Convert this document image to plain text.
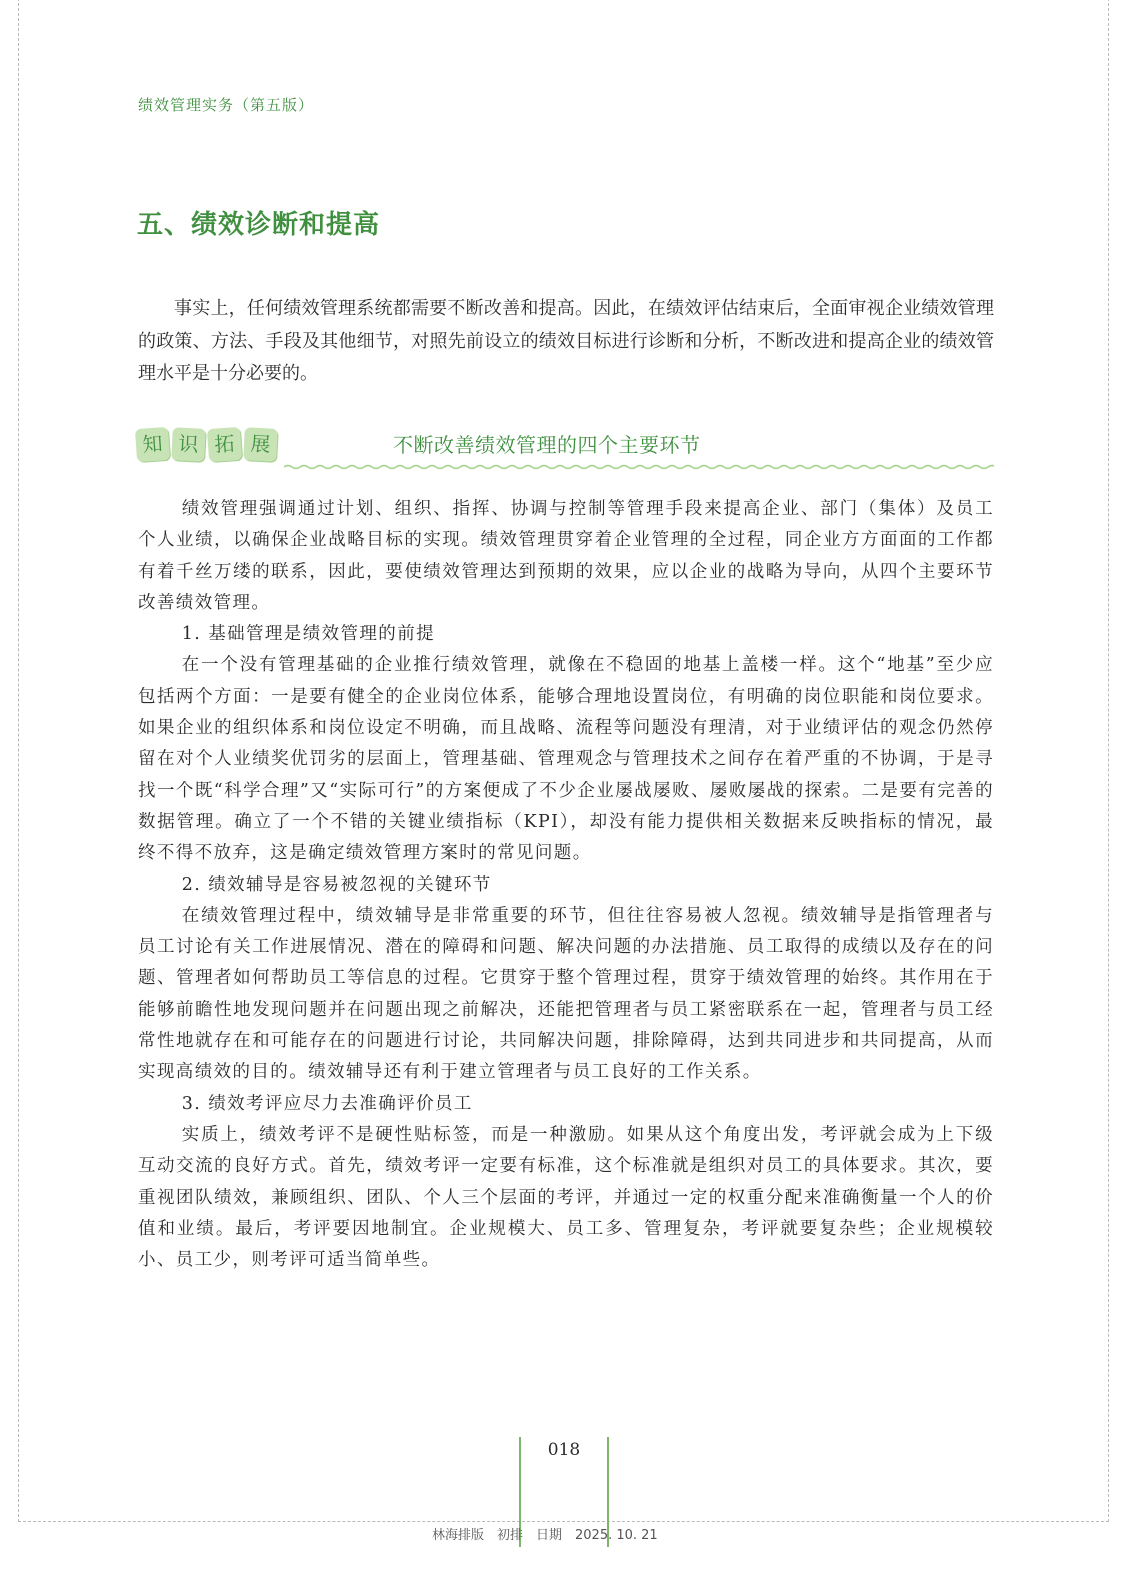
绩效管理实务（第五版）
五、绩效诊断和提高

事实上，任何绩效管理系统都需要不断改善和提高。因此，在绩效评估结束后，全面审视企业绩效管理的政策、方法、手段及其他细节，对照先前设立的绩效目标进行诊断和分析，不断改进和提高企业的绩效管理水平是十分必要的。

知 识 拓 展	不断改善绩效管理的四个主要环节

绩效管理强调通过计划、组织、指挥、协调与控制等管理手段来提高企业、部门（集体）及员工个人业绩，以确保企业战略目标的实现。绩效管理贯穿着企业管理的全过程，同企业方方面面的工作都有着千丝万缕的联系，因此，要使绩效管理达到预期的效果，应以企业的战略为导向，从四个主要环节改善绩效管理。

1. 基础管理是绩效管理的前提

在一个没有管理基础的企业推行绩效管理，就像在不稳固的地基上盖楼一样。这个“地基”至少应包括两个方面：一是要有健全的企业岗位体系，能够合理地设置岗位，有明确的岗位职能和岗位要求。如果企业的组织体系和岗位设定不明确，而且战略、流程等问题没有理清，对于业绩评估的观念仍然停留在对个人业绩奖优罚劣的层面上，管理基础、管理观念与管理技术之间存在着严重的不协调，于是寻找一个既“科学合理”又“实际可行”的方案便成了不少企业屡战屡败、屡败屡战的探索。二是要有完善的数据管理。确立了一个不错的关键业绩指标（KPI），却没有能力提供相关数据来反映指标的情况，最终不得不放弃，这是确定绩效管理方案时的常见问题。

2. 绩效辅导是容易被忽视的关键环节

在绩效管理过程中，绩效辅导是非常重要的环节，但往往容易被人忽视。绩效辅导是指管理者与员工讨论有关工作进展情况、潜在的障碍和问题、解决问题的办法措施、员工取得的成绩以及存在的问题、管理者如何帮助员工等信息的过程。它贯穿于整个管理过程，贯穿于绩效管理的始终。其作用在于能够前瞻性地发现问题并在问题出现之前解决，还能把管理者与员工紧密联系在一起，管理者与员工经常性地就存在和可能存在的问题进行讨论，共同解决问题，排除障碍，达到共同进步和共同提高，从而实现高绩效的目的。绩效辅导还有利于建立管理者与员工良好的工作关系。

3. 绩效考评应尽力去准确评价员工

实质上，绩效考评不是硬性贴标签，而是一种激励。如果从这个角度出发，考评就会成为上下级互动交流的良好方式。首先，绩效考评一定要有标准，这个标准就是组织对员工的具体要求。其次，要重视团队绩效，兼顾组织、团队、个人三个层面的考评，并通过一定的权重分配来准确衡量一个人的价值和业绩。最后，考评要因地制宜。企业规模大、员工多、管理复杂，考评就要复杂些；企业规模较小、员工少，则考评可适当简单些。

018
林海排版　初排　日期　2025. 10. 21
